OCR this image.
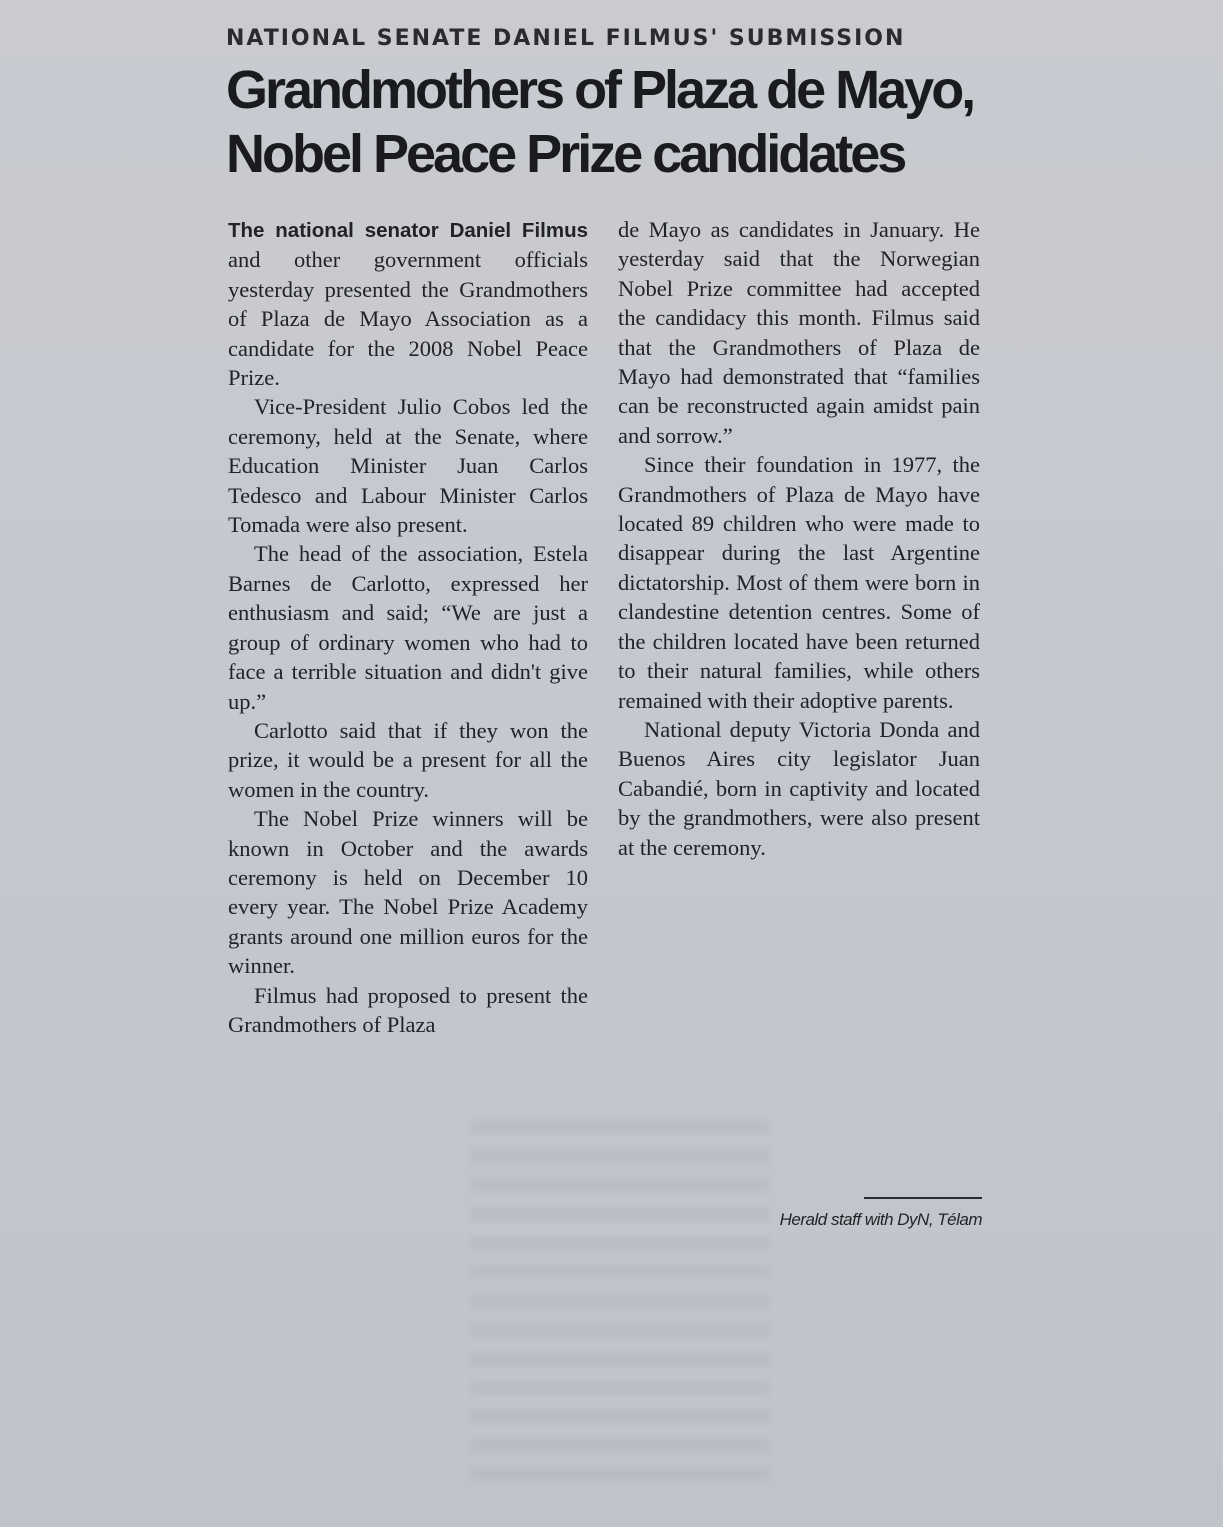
NATIONAL SENATE DANIEL FILMUS' SUBMISSION
Grandmothers of Plaza de Mayo,
Nobel Peace Prize candidates

The national senator Daniel Filmus and other government officials yesterday presented the Grandmothers of Plaza de Mayo Association as a candidate for the 2008 Nobel Peace Prize.

Vice-President Julio Cobos led the ceremony, held at the Senate, where Education Minister Juan Carlos Tedesco and Labour Minister Carlos Tomada were also present.

The head of the association, Estela Barnes de Carlotto, expressed her enthusiasm and said; “We are just a group of ordinary women who had to face a terrible situation and didn't give up.”

Carlotto said that if they won the prize, it would be a present for all the women in the country.

The Nobel Prize winners will be known in October and the awards ceremony is held on December 10 every year. The Nobel Prize Academy grants around one million euros for the winner.

Filmus had proposed to present the Grandmothers of Plaza

de Mayo as candidates in January. He yesterday said that the Norwegian Nobel Prize committee had accepted the candidacy this month. Filmus said that the Grandmothers of Plaza de Mayo had demonstrated that “families can be reconstructed again amidst pain and sorrow.”

Since their foundation in 1977, the Grandmothers of Plaza de Mayo have located 89 children who were made to disappear during the last Argentine dictatorship. Most of them were born in clandestine detention centres. Some of the children located have been returned to their natural families, while others remained with their adoptive parents.

National deputy Victoria Donda and Buenos Aires city legislator Juan Cabandié, born in captivity and located by the grandmothers, were also present at the ceremony.

Herald staff with DyN, Télam
